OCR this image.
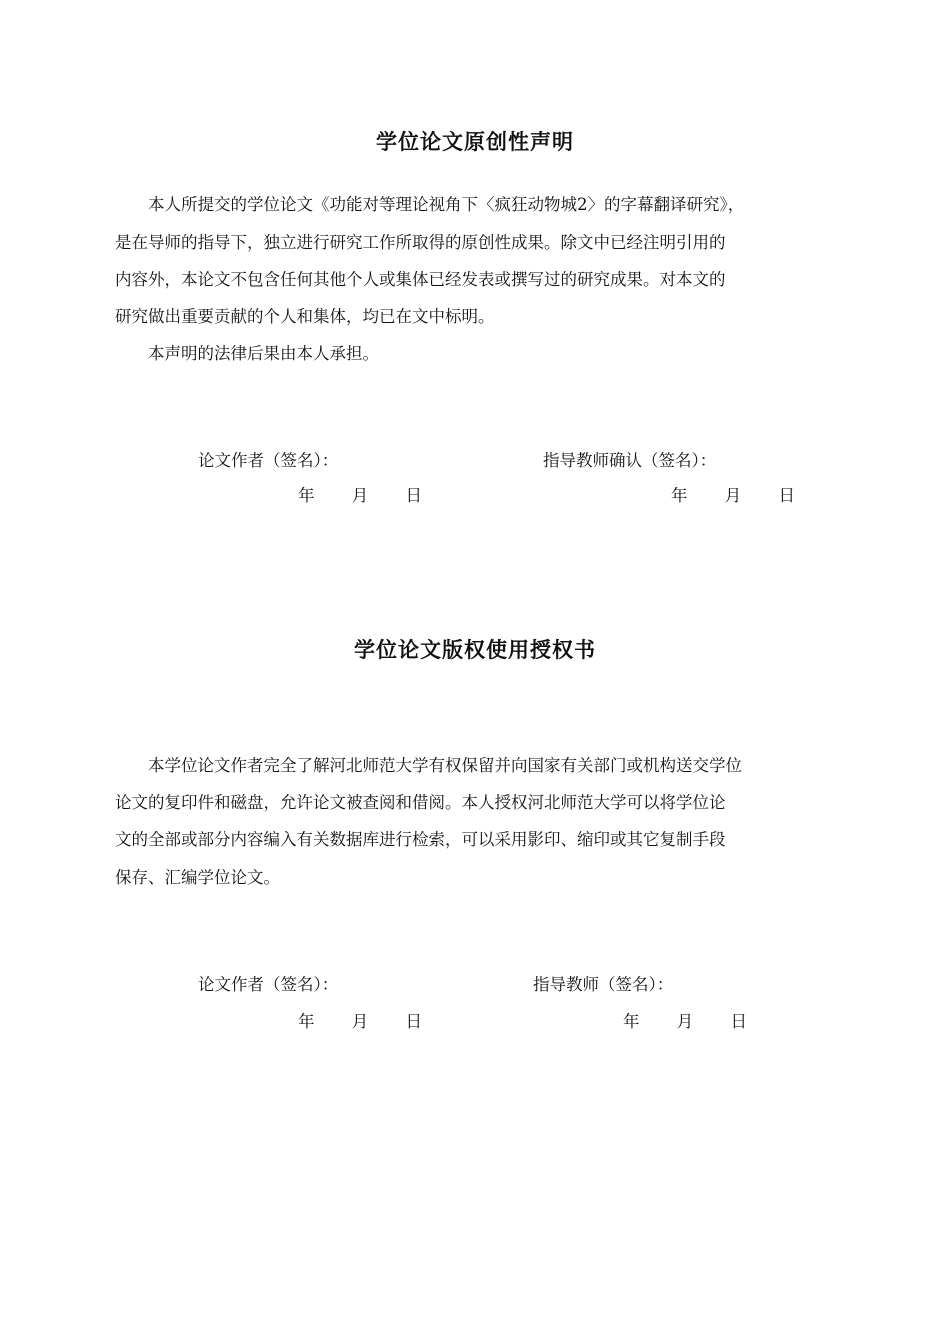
学位论文原创性声明
本人所提交的学位论文《功能对等理论视角下〈疯狂动物城2〉的字幕翻译研究》，
是在导师的指导下，独立进行研究工作所取得的原创性成果。除文中已经注明引用的
内容外，本论文不包含任何其他个人或集体已经发表或撰写过的研究成果。对本文的
研究做出重要贡献的个人和集体，均已在文中标明。
本声明的法律后果由本人承担。
论文作者（签名）：	指导教师确认（签名）：
年 月 日	年 月 日
学位论文版权使用授权书
本学位论文作者完全了解河北师范大学有权保留并向国家有关部门或机构送交学位
论文的复印件和磁盘，允许论文被查阅和借阅。本人授权河北师范大学可以将学位论
文的全部或部分内容编入有关数据库进行检索，可以采用影印、缩印或其它复制手段
保存、汇编学位论文。
论文作者（签名）：	指导教师（签名）：
年 月 日	年 月 日
